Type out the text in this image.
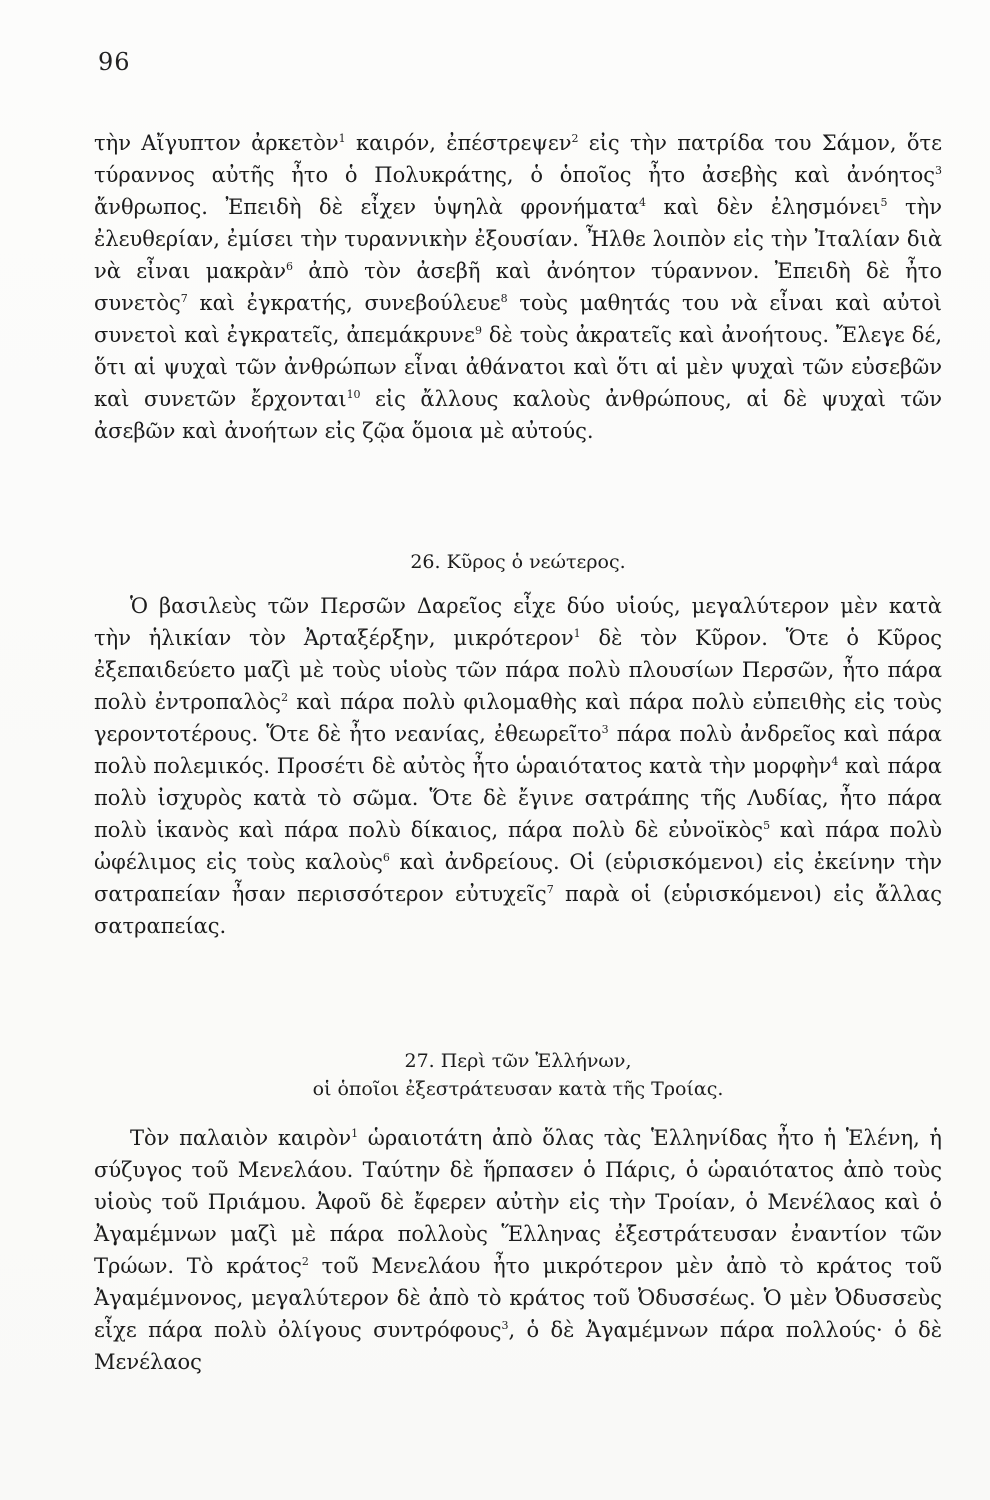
96

τὴν Αἴγυπτον ἀρκετὸν$^1$ καιρόν, ἐπέστρεψεν$^2$ εἰς τὴν πατρίδα του Σάμον, ὅτε τύραννος αὐτῆς ἦτο ὁ Πολυκράτης, ὁ ὁποῖος ἦτο ἀσεβὴς καὶ ἀνόητος$^3$ ἄνθρωπος. Ἐπειδὴ δὲ εἶχεν ὑψηλὰ φρονήματα$^4$ καὶ δὲν ἐλησμόνει$^5$ τὴν ἐλευθερίαν, ἐμίσει τὴν τυραννικὴν ἐξουσίαν. Ἦλθε λοιπὸν εἰς τὴν Ἰταλίαν διὰ νὰ εἶναι μακρὰν$^6$ ἀπὸ τὸν ἀσεβῆ καὶ ἀνόητον τύραννον. Ἐπειδὴ δὲ ἦτο συνετὸς$^7$ καὶ ἐγκρατής, συνεβούλευε$^8$ τοὺς μαθητάς του νὰ εἶναι καὶ αὐτοὶ συνετοὶ καὶ ἐγκρατεῖς, ἀπεμάκρυνε$^9$ δὲ τοὺς ἀκρατεῖς καὶ ἀνοήτους. Ἔλεγε δέ, ὅτι αἱ ψυχαὶ τῶν ἀνθρώπων εἶναι ἀθάνατοι καὶ ὅτι αἱ μὲν ψυχαὶ τῶν εὐσεβῶν καὶ συνετῶν ἔρχονται$^{10}$ εἰς ἄλλους καλοὺς ἀνθρώπους, αἱ δὲ ψυχαὶ τῶν ἀσεβῶν καὶ ἀνοήτων εἰς ζῷα ὅμοια μὲ αὐτούς.

26. Κῦρος ὁ νεώτερος.

Ὁ βασιλεὺς τῶν Περσῶν Δαρεῖος εἶχε δύο υἱούς, μεγαλύτερον μὲν κατὰ τὴν ἡλικίαν τὸν Ἀρταξέρξην, μικρότερον$^1$ δὲ τὸν Κῦρον. Ὅτε ὁ Κῦρος ἐξεπαιδεύετο μαζὶ μὲ τοὺς υἱοὺς τῶν πάρα πολὺ πλουσίων Περσῶν, ἦτο πάρα πολὺ ἐντροπαλὸς$^2$ καὶ πάρα πολὺ φιλομαθὴς καὶ πάρα πολὺ εὐπειθὴς εἰς τοὺς γεροντοτέρους. Ὅτε δὲ ἦτο νεανίας, ἐθεωρεῖτο$^3$ πάρα πολὺ ἀνδρεῖος καὶ πάρα πολὺ πολεμικός. Προσέτι δὲ αὐτὸς ἦτο ὡραιότατος κατὰ τὴν μορφὴν$^4$ καὶ πάρα πολὺ ἰσχυρὸς κατὰ τὸ σῶμα. Ὅτε δὲ ἔγινε σατράπης τῆς Λυδίας, ἦτο πάρα πολὺ ἱκανὸς καὶ πάρα πολὺ δίκαιος, πάρα πολὺ δὲ εὐνοϊκὸς$^5$ καὶ πάρα πολὺ ὠφέλιμος εἰς τοὺς καλοὺς$^6$ καὶ ἀνδρείους. Οἱ (εὑρισκόμενοι) εἰς ἐκείνην τὴν σατραπείαν ἦσαν περισσότερον εὐτυχεῖς$^7$ παρὰ οἱ (εὑρισκόμενοι) εἰς ἄλλας σατραπείας.

27. Περὶ τῶν Ἑλλήνων,
οἱ ὁποῖοι ἐξεστράτευσαν κατὰ τῆς Τροίας.

Τὸν παλαιὸν καιρὸν$^1$ ὡραιοτάτη ἀπὸ ὅλας τὰς Ἑλληνίδας ἦτο ἡ Ἑλένη, ἡ σύζυγος τοῦ Μενελάου. Ταύτην δὲ ἥρπασεν ὁ Πάρις, ὁ ὡραιότατος ἀπὸ τοὺς υἱοὺς τοῦ Πριάμου. Ἀφοῦ δὲ ἔφερεν αὐτὴν εἰς τὴν Τροίαν, ὁ Μενέλαος καὶ ὁ Ἀγαμέμνων μαζὶ μὲ πάρα πολλοὺς Ἕλληνας ἐξεστράτευσαν ἐναντίον τῶν Τρώων. Τὸ κράτος$^2$ τοῦ Μενελάου ἦτο μικρότερον μὲν ἀπὸ τὸ κράτος τοῦ Ἀγαμέμνονος, μεγαλύτερον δὲ ἀπὸ τὸ κράτος τοῦ Ὀδυσσέως. Ὁ μὲν Ὀδυσσεὺς εἶχε πάρα πολὺ ὀλίγους συντρόφους$^3$, ὁ δὲ Ἀγαμέμνων πάρα πολλούς· ὁ δὲ Μενέλαος
